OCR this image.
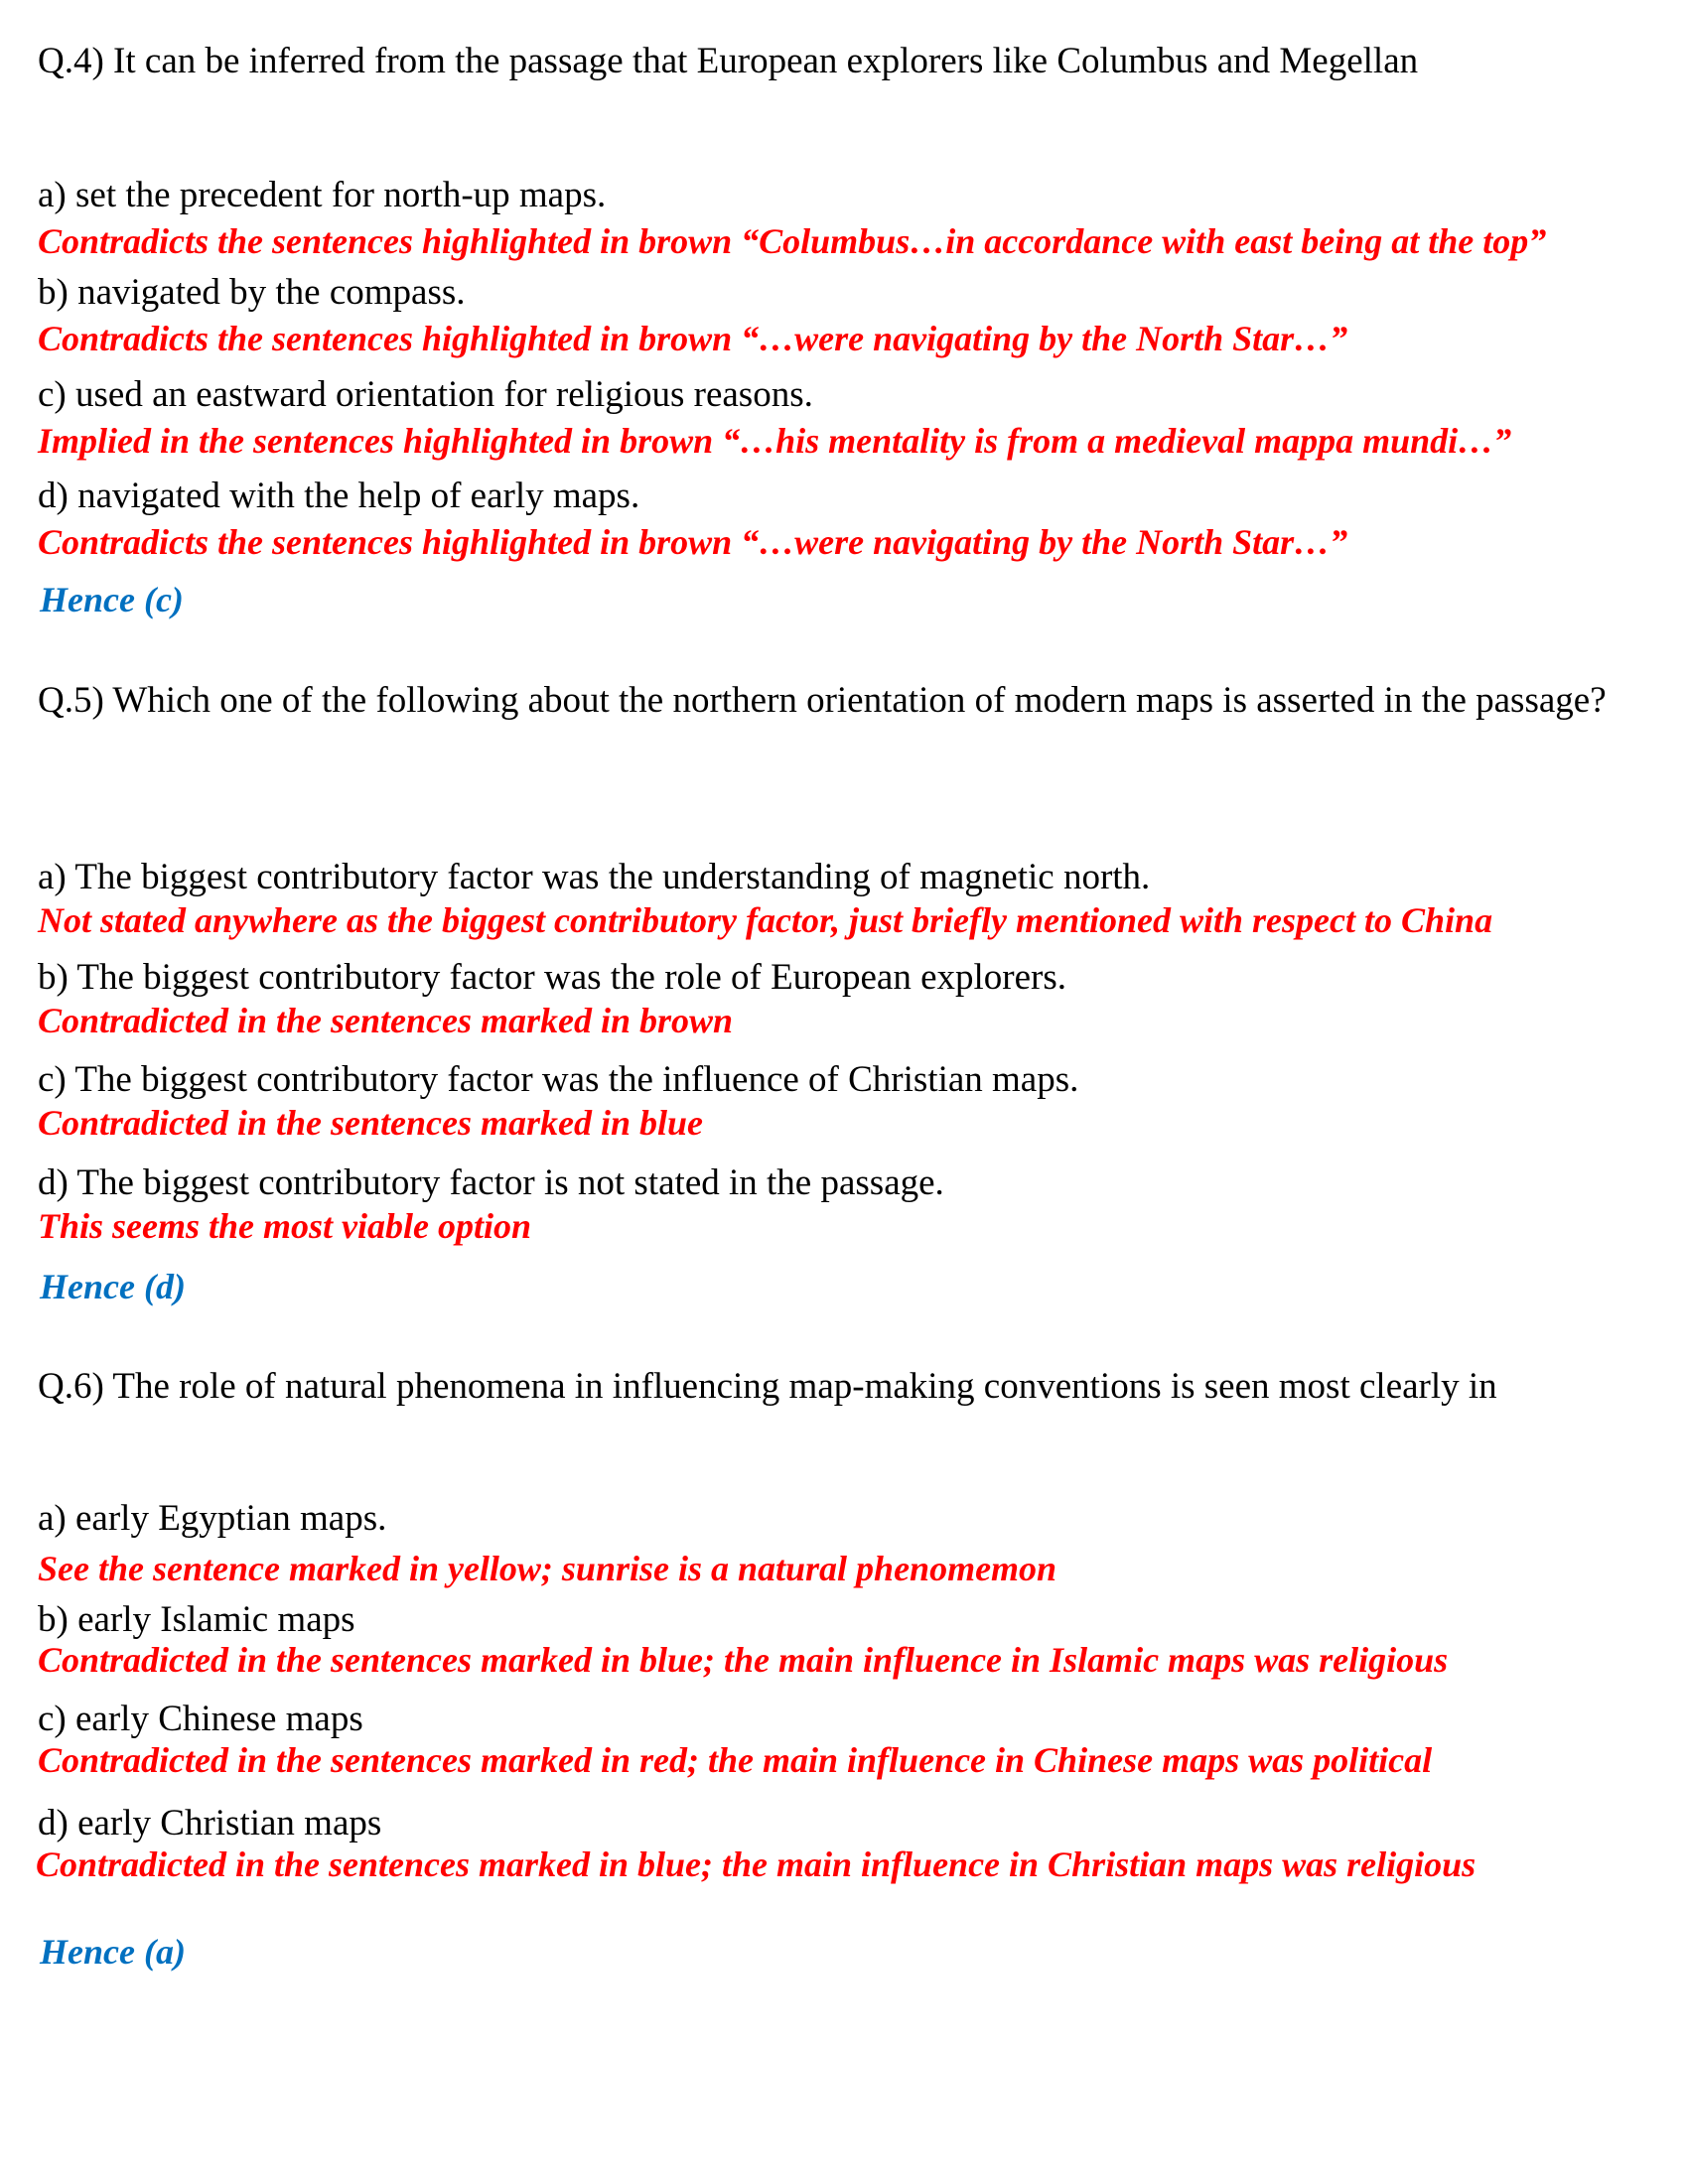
Q.4) It can be inferred from the passage that European explorers like Columbus and Megellan
a) set the precedent for north-up maps.
Contradicts the sentences highlighted in brown “Columbus…in accordance with east being at the top”
b) navigated by the compass.
Contradicts the sentences highlighted in brown “…were navigating by the North Star…”
c) used an eastward orientation for religious reasons.
Implied in the sentences highlighted in brown “…his mentality is from a medieval mappa mundi…”
d) navigated with the help of early maps.
Contradicts the sentences highlighted in brown “…were navigating by the North Star…”
Hence (c)
Q.5) Which one of the following about the northern orientation of modern maps is asserted in the passage?
a) The biggest contributory factor was the understanding of magnetic north.
Not stated anywhere as the biggest contributory factor, just briefly mentioned with respect to China
b) The biggest contributory factor was the role of European explorers.
Contradicted in the sentences marked in brown
c) The biggest contributory factor was the influence of Christian maps.
Contradicted in the sentences marked in blue
d) The biggest contributory factor is not stated in the passage.
This seems the most viable option
Hence (d)
Q.6) The role of natural phenomena in influencing map-making conventions is seen most clearly in
a) early Egyptian maps.
See the sentence marked in yellow; sunrise is a natural phenomemon
b) early Islamic maps
Contradicted in the sentences marked in blue; the main influence in Islamic maps was religious
c) early Chinese maps
Contradicted in the sentences marked in red; the main influence in Chinese maps was political
d) early Christian maps
Contradicted in the sentences marked in blue; the main influence in Christian maps was religious
Hence (a)
